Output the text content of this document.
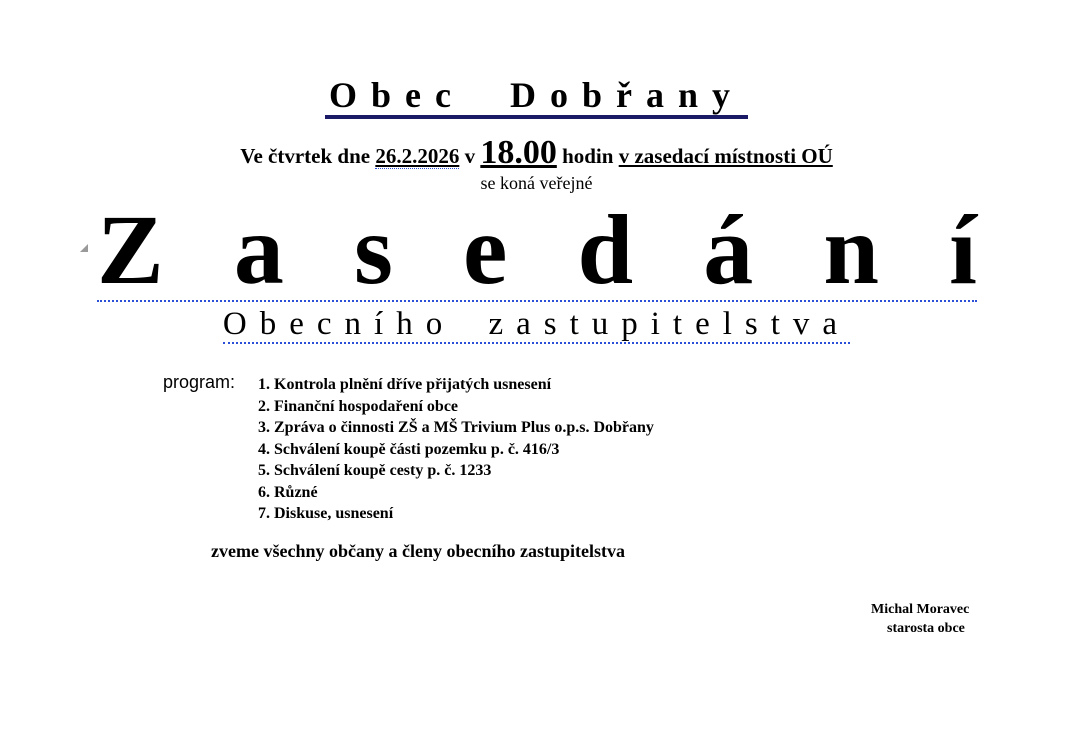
Obec Dobřany
Ve čtvrtek dne 26.2.2026 v 18.00 hodin v zasedací místnosti OÚ
se koná veřejné
Z a s e d á n í
Obecního zastupitelstva
program: 1. Kontrola plnění dříve přijatých usnesení
2. Finanční hospodaření obce
3. Zpráva o činnosti ZŠ a MŠ Trivium Plus o.p.s. Dobřany
4. Schválení koupě části pozemku p. č. 416/3
5. Schválení koupě cesty p. č. 1233
6. Různé
7. Diskuse, usnesení
zveme všechny občany a členy obecního zastupitelstva
Michal Moravec
starosta obce
